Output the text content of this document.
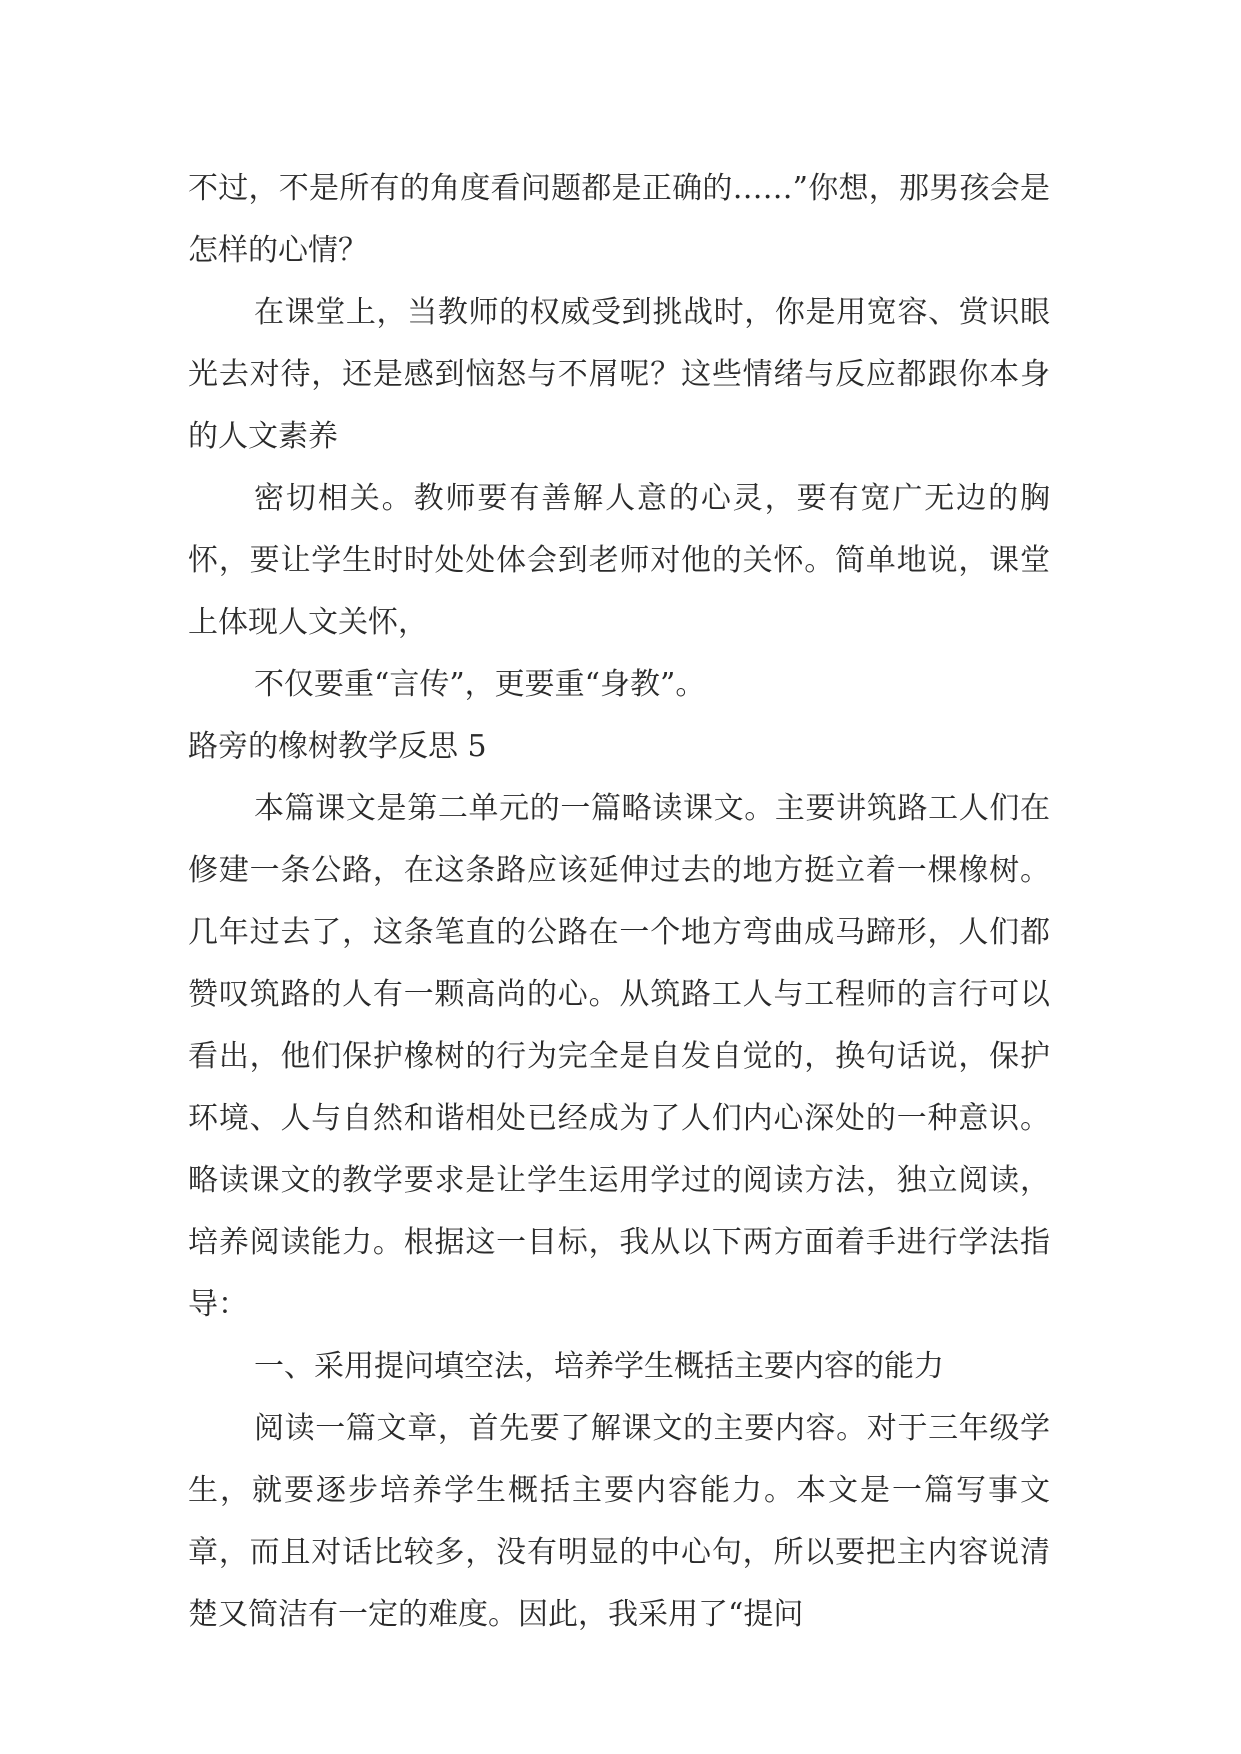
不过，不是所有的角度看问题都是正确的……”你想，那男孩会是怎样的心情？

在课堂上，当教师的权威受到挑战时，你是用宽容、赏识眼光去对待，还是感到恼怒与不屑呢？这些情绪与反应都跟你本身的人文素养

密切相关。教师要有善解人意的心灵，要有宽广无边的胸怀，要让学生时时处处体会到老师对他的关怀。简单地说，课堂上体现人文关怀，

不仅要重“言传”，更要重“身教”。

路旁的橡树教学反思 5

本篇课文是第二单元的一篇略读课文。主要讲筑路工人们在修建一条公路，在这条路应该延伸过去的地方挺立着一棵橡树。几年过去了，这条笔直的公路在一个地方弯曲成马蹄形，人们都赞叹筑路的人有一颗高尚的心。从筑路工人与工程师的言行可以看出，他们保护橡树的行为完全是自发自觉的，换句话说，保护环境、人与自然和谐相处已经成为了人们内心深处的一种意识。略读课文的教学要求是让学生运用学过的阅读方法，独立阅读，培养阅读能力。根据这一目标，我从以下两方面着手进行学法指导：

一、采用提问填空法，培养学生概括主要内容的能力

阅读一篇文章，首先要了解课文的主要内容。对于三年级学生，就要逐步培养学生概括主要内容能力。本文是一篇写事文章，而且对话比较多，没有明显的中心句，所以要把主内容说清楚又简洁有一定的难度。因此，我采用了“提问
